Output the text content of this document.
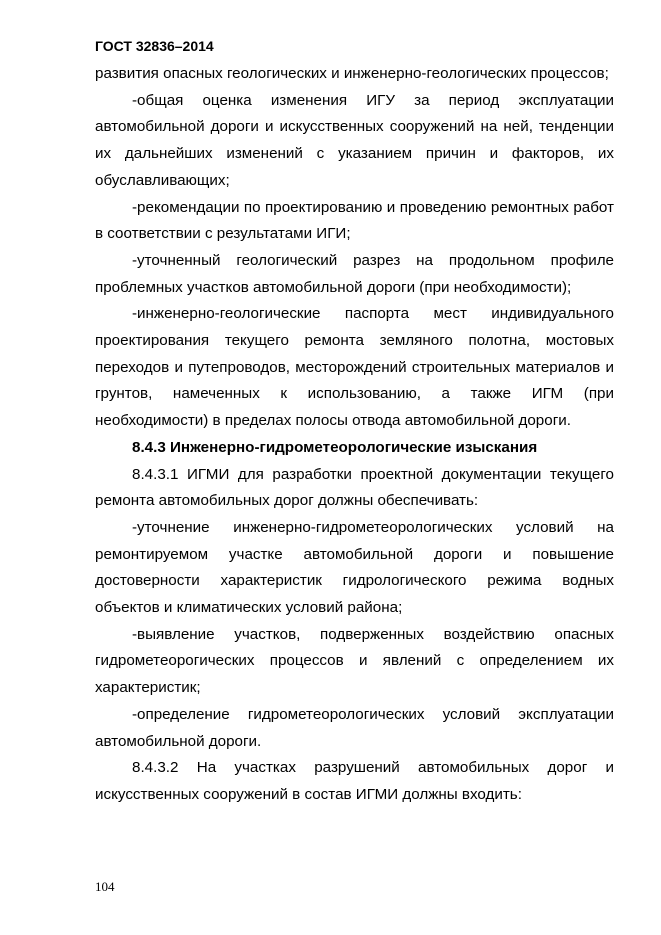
ГОСТ 32836–2014

развития опасных геологических и инженерно-геологических процессов;

-общая оценка изменения ИГУ за период эксплуатации автомобильной дороги и искусственных сооружений на ней, тенденции их дальнейших изменений с указанием причин и факторов, их обуславливающих;

-рекомендации по проектированию и проведению ремонтных работ в соответствии с результатами ИГИ;

-уточненный геологический разрез на продольном профиле проблемных участков автомобильной дороги (при необходимости);

-инженерно-геологические паспорта мест индивидуального проектирования текущего ремонта земляного полотна, мостовых переходов и путепроводов, месторождений строительных материалов и грунтов, намеченных к использованию, а также ИГМ (при необходимости) в пределах полосы отвода автомобильной дороги.

8.4.3 Инженерно-гидрометеорологические изыскания

8.4.3.1 ИГМИ для разработки проектной документации текущего ремонта автомобильных дорог должны обеспечивать:

-уточнение инженерно-гидрометеорологических условий на ремонтируемом участке автомобильной дороги и повышение достоверности характеристик гидрологического режима водных объектов и климатических условий района;

-выявление участков, подверженных воздействию опасных гидрометеорогических процессов и явлений с определением их характеристик;

-определение гидрометеорологических условий эксплуатации автомобильной дороги.

8.4.3.2 На участках разрушений автомобильных дорог и искусственных сооружений в состав ИГМИ должны входить:

104
